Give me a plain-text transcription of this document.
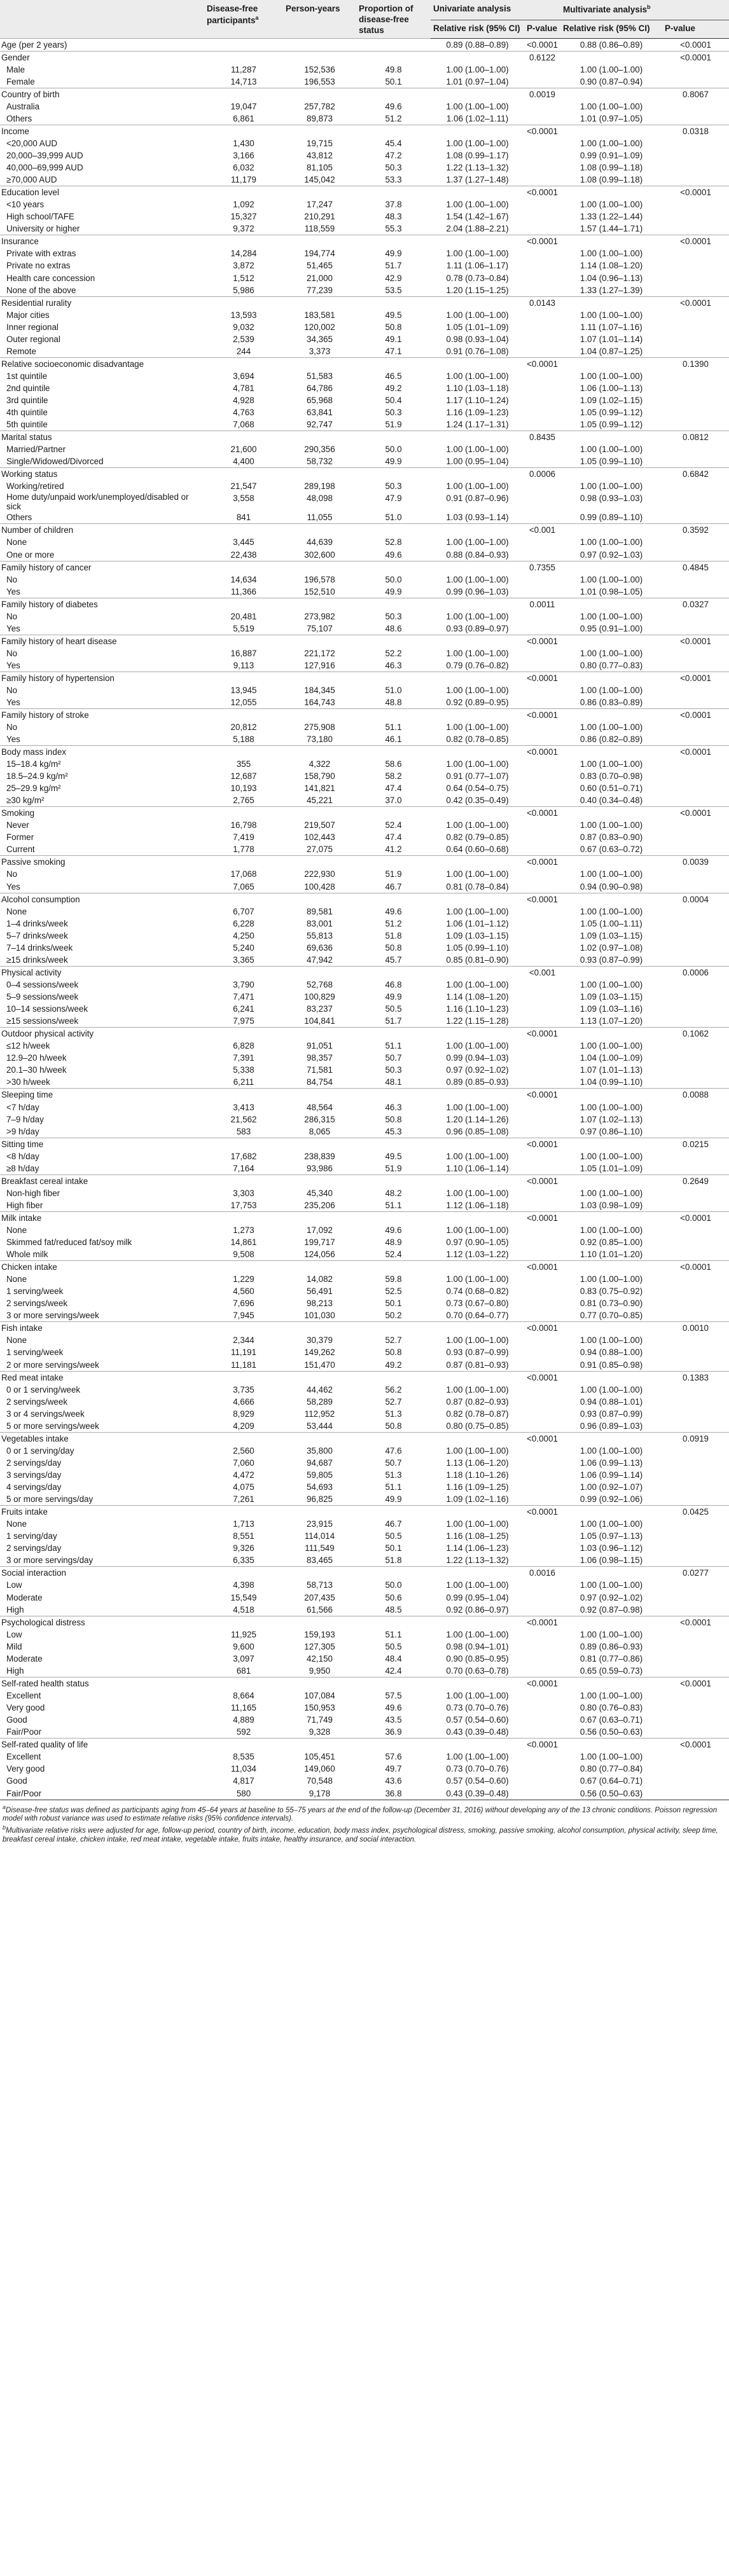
	Disease-free participants$^a$	Person-years	Proportion of disease-free status	Univariate analysis		Multivariate analysis$^b$
				Relative risk (95% CI)	P-value	Relative risk (95% CI)	P-value
Age (per 2 years)				0.89 (0.88–0.89)	<0.0001	0.88 (0.86–0.89)	<0.0001
Gender					0.6122		<0.0001
Male	11,287	152,536	49.8	1.00 (1.00–1.00)		1.00 (1.00–1.00)	
Female	14,713	196,553	50.1	1.01 (0.97–1.04)		0.90 (0.87–0.94)	
Country of birth					0.0019		0.8067
Australia	19,047	257,782	49.6	1.00 (1.00–1.00)		1.00 (1.00–1.00)	
Others	6,861	89,873	51.2	1.06 (1.02–1.11)		1.01 (0.97–1.05)	
Income					<0.0001		0.0318
<20,000 AUD	1,430	19,715	45.4	1.00 (1.00–1.00)		1.00 (1.00–1.00)	
20,000–39,999 AUD	3,166	43,812	47.2	1.08 (0.99–1.17)		0.99 (0.91–1.09)	
40,000–69,999 AUD	6,032	81,105	50.3	1.22 (1.13–1.32)		1.08 (0.99–1.18)	
≥70,000 AUD	11,179	145,042	53.3	1.37 (1.27–1.48)		1.08 (0.99–1.18)	
Education level					<0.0001		<0.0001
<10 years	1,092	17,247	37.8	1.00 (1.00–1.00)		1.00 (1.00–1.00)	
High school/TAFE	15,327	210,291	48.3	1.54 (1.42–1.67)		1.33 (1.22–1.44)	
University or higher	9,372	118,559	55.3	2.04 (1.88–2.21)		1.57 (1.44–1.71)	
Insurance					<0.0001		<0.0001
Private with extras	14,284	194,774	49.9	1.00 (1.00–1.00)		1.00 (1.00–1.00)	
Private no extras	3,872	51,465	51.7	1.11 (1.06–1.17)		1.14 (1.08–1.20)	
Health care concession	1,512	21,000	42.9	0.78 (0.73–0.84)		1.04 (0.96–1.13)	
None of the above	5,986	77,239	53.5	1.20 (1.15–1.25)		1.33 (1.27–1.39)	
Residential rurality					0.0143		<0.0001
Major cities	13,593	183,581	49.5	1.00 (1.00–1.00)		1.00 (1.00–1.00)	
Inner regional	9,032	120,002	50.8	1.05 (1.01–1.09)		1.11 (1.07–1.16)	
Outer regional	2,539	34,365	49.1	0.98 (0.93–1.04)		1.07 (1.01–1.14)	
Remote	244	3,373	47.1	0.91 (0.76–1.08)		1.04 (0.87–1.25)	
Relative socioeconomic disadvantage					<0.0001		0.1390
1st quintile	3,694	51,583	46.5	1.00 (1.00–1.00)		1.00 (1.00–1.00)	
2nd quintile	4,781	64,786	49.2	1.10 (1.03–1.18)		1.06 (1.00–1.13)	
3rd quintile	4,928	65,968	50.4	1.17 (1.10–1.24)		1.09 (1.02–1.15)	
4th quintile	4,763	63,841	50.3	1.16 (1.09–1.23)		1.05 (0.99–1.12)	
5th quintile	7,068	92,747	51.9	1.24 (1.17–1.31)		1.05 (0.99–1.12)	
Marital status					0.8435		0.0812
Married/Partner	21,600	290,356	50.0	1.00 (1.00–1.00)		1.00 (1.00–1.00)	
Single/Widowed/Divorced	4,400	58,732	49.9	1.00 (0.95–1.04)		1.05 (0.99–1.10)	
Working status					0.0006		0.6842
Working/retired	21,547	289,198	50.3	1.00 (1.00–1.00)		1.00 (1.00–1.00)	
Home duty/unpaid work/unemployed/disabled or sick	3,558	48,098	47.9	0.91 (0.87–0.96)		0.98 (0.93–1.03)	
Others	841	11,055	51.0	1.03 (0.93–1.14)		0.99 (0.89–1.10)	
Number of children					<0.001		0.3592
None	3,445	44,639	52.8	1.00 (1.00–1.00)		1.00 (1.00–1.00)	
One or more	22,438	302,600	49.6	0.88 (0.84–0.93)		0.97 (0.92–1.03)	
Family history of cancer					0.7355		0.4845
No	14,634	196,578	50.0	1.00 (1.00–1.00)		1.00 (1.00–1.00)	
Yes	11,366	152,510	49.9	0.99 (0.96–1.03)		1.01 (0.98–1.05)	
Family history of diabetes					0.0011		0.0327
No	20,481	273,982	50.3	1.00 (1.00–1.00)		1.00 (1.00–1.00)	
Yes	5,519	75,107	48.6	0.93 (0.89–0.97)		0.95 (0.91–1.00)	
Family history of heart disease					<0.0001		<0.0001
No	16,887	221,172	52.2	1.00 (1.00–1.00)		1.00 (1.00–1.00)	
Yes	9,113	127,916	46.3	0.79 (0.76–0.82)		0.80 (0.77–0.83)	
Family history of hypertension					<0.0001		<0.0001
No	13,945	184,345	51.0	1.00 (1.00–1.00)		1.00 (1.00–1.00)	
Yes	12,055	164,743	48.8	0.92 (0.89–0.95)		0.86 (0.83–0.89)	
Family history of stroke					<0.0001		<0.0001
No	20,812	275,908	51.1	1.00 (1.00–1.00)		1.00 (1.00–1.00)	
Yes	5,188	73,180	46.1	0.82 (0.78–0.85)		0.86 (0.82–0.89)	
Body mass index					<0.0001		<0.0001
15–18.4 kg/m²	355	4,322	58.6	1.00 (1.00–1.00)		1.00 (1.00–1.00)	
18.5–24.9 kg/m²	12,687	158,790	58.2	0.91 (0.77–1.07)		0.83 (0.70–0.98)	
25–29.9 kg/m²	10,193	141,821	47.4	0.64 (0.54–0.75)		0.60 (0.51–0.71)	
≥30 kg/m²	2,765	45,221	37.0	0.42 (0.35–0.49)		0.40 (0.34–0.48)	
Smoking					<0.0001		<0.0001
Never	16,798	219,507	52.4	1.00 (1.00–1.00)		1.00 (1.00–1.00)	
Former	7,419	102,443	47.4	0.82 (0.79–0.85)		0.87 (0.83–0.90)	
Current	1,778	27,075	41.2	0.64 (0.60–0.68)		0.67 (0.63–0.72)	
Passive smoking					<0.0001		0.0039
No	17,068	222,930	51.9	1.00 (1.00–1.00)		1.00 (1.00–1.00)	
Yes	7,065	100,428	46.7	0.81 (0.78–0.84)		0.94 (0.90–0.98)	
Alcohol consumption					<0.0001		0.0004
None	6,707	89,581	49.6	1.00 (1.00–1.00)		1.00 (1.00–1.00)	
1–4 drinks/week	6,228	83,001	51.2	1.06 (1.01–1.12)		1.05 (1.00–1.11)	
5–7 drinks/week	4,250	55,813	51.8	1.09 (1.03–1.15)		1.09 (1.03–1.15)	
7–14 drinks/week	5,240	69,636	50.8	1.05 (0.99–1.10)		1.02 (0.97–1.08)	
≥15 drinks/week	3,365	47,942	45.7	0.85 (0.81–0.90)		0.93 (0.87–0.99)	
Physical activity					<0.001		0.0006
0–4 sessions/week	3,790	52,768	46.8	1.00 (1.00–1.00)		1.00 (1.00–1.00)	
5–9 sessions/week	7,471	100,829	49.9	1.14 (1.08–1.20)		1.09 (1.03–1.15)	
10–14 sessions/week	6,241	83,237	50.5	1.16 (1.10–1.23)		1.09 (1.03–1.16)	
≥15 sessions/week	7,975	104,841	51.7	1.22 (1.15–1.28)		1.13 (1.07–1.20)	
Outdoor physical activity					<0.0001		0.1062
≤12 h/week	6,828	91,051	51.1	1.00 (1.00–1.00)		1.00 (1.00–1.00)	
12.9–20 h/week	7,391	98,357	50.7	0.99 (0.94–1.03)		1.04 (1.00–1.09)	
20.1–30 h/week	5,338	71,581	50.3	0.97 (0.92–1.02)		1.07 (1.01–1.13)	
>30 h/week	6,211	84,754	48.1	0.89 (0.85–0.93)		1.04 (0.99–1.10)	
Sleeping time					<0.0001		0.0088
<7 h/day	3,413	48,564	46.3	1.00 (1.00–1.00)		1.00 (1.00–1.00)	
7–9 h/day	21,562	286,315	50.8	1.20 (1.14–1.26)		1.07 (1.02–1.13)	
>9 h/day	583	8,065	45.3	0.96 (0.85–1.08)		0.97 (0.86–1.10)	
Sitting time					<0.0001		0.0215
<8 h/day	17,682	238,839	49.5	1.00 (1.00–1.00)		1.00 (1.00–1.00)	
≥8 h/day	7,164	93,986	51.9	1.10 (1.06–1.14)		1.05 (1.01–1.09)	
Breakfast cereal intake					<0.0001		0.2649
Non-high fiber	3,303	45,340	48.2	1.00 (1.00–1.00)		1.00 (1.00–1.00)	
High fiber	17,753	235,206	51.1	1.12 (1.06–1.18)		1.03 (0.98–1.09)	
Milk intake					<0.0001		<0.0001
None	1,273	17,092	49.6	1.00 (1.00–1.00)		1.00 (1.00–1.00)	
Skimmed fat/reduced fat/soy milk	14,861	199,717	48.9	0.97 (0.90–1.05)		0.92 (0.85–1.00)	
Whole milk	9,508	124,056	52.4	1.12 (1.03–1.22)		1.10 (1.01–1.20)	
Chicken intake					<0.0001		<0.0001
None	1,229	14,082	59.8	1.00 (1.00–1.00)		1.00 (1.00–1.00)	
1 serving/week	4,560	56,491	52.5	0.74 (0.68–0.82)		0.83 (0.75–0.92)	
2 servings/week	7,696	98,213	50.1	0.73 (0.67–0.80)		0.81 (0.73–0.90)	
3 or more servings/week	7,945	101,030	50.2	0.70 (0.64–0.77)		0.77 (0.70–0.85)	
Fish intake					<0.0001		0.0010
None	2,344	30,379	52.7	1.00 (1.00–1.00)		1.00 (1.00–1.00)	
1 serving/week	11,191	149,262	50.8	0.93 (0.87–0.99)		0.94 (0.88–1.00)	
2 or more servings/week	11,181	151,470	49.2	0.87 (0.81–0.93)		0.91 (0.85–0.98)	
Red meat intake					<0.0001		0.1383
0 or 1 serving/week	3,735	44,462	56.2	1.00 (1.00–1.00)		1.00 (1.00–1.00)	
2 servings/week	4,666	58,289	52.7	0.87 (0.82–0.93)		0.94 (0.88–1.01)	
3 or 4 servings/week	8,929	112,952	51.3	0.82 (0.78–0.87)		0.93 (0.87–0.99)	
5 or more servings/week	4,209	53,444	50.8	0.80 (0.75–0.85)		0.96 (0.89–1.03)	
Vegetables intake					<0.0001		0.0919
0 or 1 serving/day	2,560	35,800	47.6	1.00 (1.00–1.00)		1.00 (1.00–1.00)	
2 servings/day	7,060	94,687	50.7	1.13 (1.06–1.20)		1.06 (0.99–1.13)	
3 servings/day	4,472	59,805	51.3	1.18 (1.10–1.26)		1.06 (0.99–1.14)	
4 servings/day	4,075	54,693	51.1	1.16 (1.09–1.25)		1.00 (0.92–1.07)	
5 or more servings/day	7,261	96,825	49.9	1.09 (1.02–1.16)		0.99 (0.92–1.06)	
Fruits intake					<0.0001		0.0425
None	1,713	23,915	46.7	1.00 (1.00–1.00)		1.00 (1.00–1.00)	
1 serving/day	8,551	114,014	50.5	1.16 (1.08–1.25)		1.05 (0.97–1.13)	
2 servings/day	9,326	111,549	50.1	1.14 (1.06–1.23)		1.03 (0.96–1.12)	
3 or more servings/day	6,335	83,465	51.8	1.22 (1.13–1.32)		1.06 (0.98–1.15)	
Social interaction					0.0016		0.0277
Low	4,398	58,713	50.0	1.00 (1.00–1.00)		1.00 (1.00–1.00)	
Moderate	15,549	207,435	50.6	0.99 (0.95–1.04)		0.97 (0.92–1.02)	
High	4,518	61,566	48.5	0.92 (0.86–0.97)		0.92 (0.87–0.98)	
Psychological distress					<0.0001		<0.0001
Low	11,925	159,193	51.1	1.00 (1.00–1.00)		1.00 (1.00–1.00)	
Mild	9,600	127,305	50.5	0.98 (0.94–1.01)		0.89 (0.86–0.93)	
Moderate	3,097	42,150	48.4	0.90 (0.85–0.95)		0.81 (0.77–0.86)	
High	681	9,950	42.4	0.70 (0.63–0.78)		0.65 (0.59–0.73)	
Self-rated health status					<0.0001		<0.0001
Excellent	8,664	107,084	57.5	1.00 (1.00–1.00)		1.00 (1.00–1.00)	
Very good	11,165	150,953	49.6	0.73 (0.70–0.76)		0.80 (0.76–0.83)	
Good	4,889	71,749	43.5	0.57 (0.54–0.60)		0.67 (0.63–0.71)	
Fair/Poor	592	9,328	36.9	0.43 (0.39–0.48)		0.56 (0.50–0.63)	
Self-rated quality of life					<0.0001		<0.0001
Excellent	8,535	105,451	57.6	1.00 (1.00–1.00)		1.00 (1.00–1.00)	
Very good	11,034	149,060	49.7	0.73 (0.70–0.76)		0.80 (0.77–0.84)	
Good	4,817	70,548	43.6	0.57 (0.54–0.60)		0.67 (0.64–0.71)	
Fair/Poor	580	9,178	36.8	0.43 (0.39–0.48)		0.56 (0.50–0.63)	

$^a$Disease-free status was defined as participants aging from 45–64 years at baseline to 55–75 years at the end of the follow-up (December 31, 2016) without developing any of the 13 chronic conditions. Poisson regression model with robust variance was used to estimate relative risks (95% confidence intervals).

$^b$Multivariate relative risks were adjusted for age, follow-up period, country of birth, income, education, body mass index, psychological distress, smoking, passive smoking, alcohol consumption, physical activity, sleep time, breakfast cereal intake, chicken intake, red meat intake, vegetable intake, fruits intake, healthy insurance, and social interaction.
